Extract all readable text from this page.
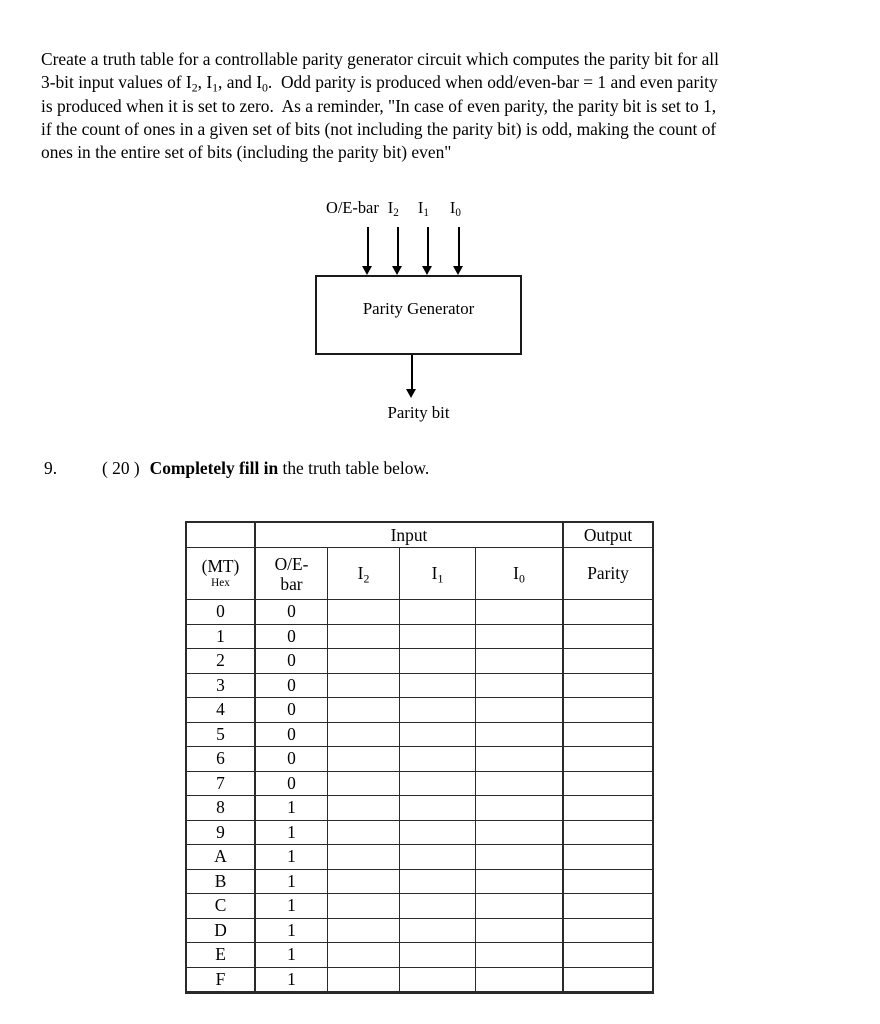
Create a truth table for a controllable parity generator circuit which computes the parity bit for all
3-bit input values of $I_2$, $I_1$, and $I_0$.  Odd parity is produced when odd/even-bar = 1 and even parity
is produced when it is set to zero.  As a reminder, "In case of even parity, the parity bit is set to 1,
if the count of ones in a given set of bits (not including the parity bit) is odd, making the count of
ones in the entire set of bits (including the parity bit) even"
O/E-bar $I_2$ $I_1$ $I_0$
Parity Generator
Parity bit
9.	( 20 ) Completely fill in the truth table below.
	Input				Output

(MT)
Hex	O/E-
bar	$I_2$	$I_1$	$I_0$	Parity
0	0				
1	0				
2	0				
3	0				
4	0				
5	0				
6	0				
7	0				
8	1				
9	1				
A	1				
B	1				
C	1				
D	1				
E	1				
F	1				
